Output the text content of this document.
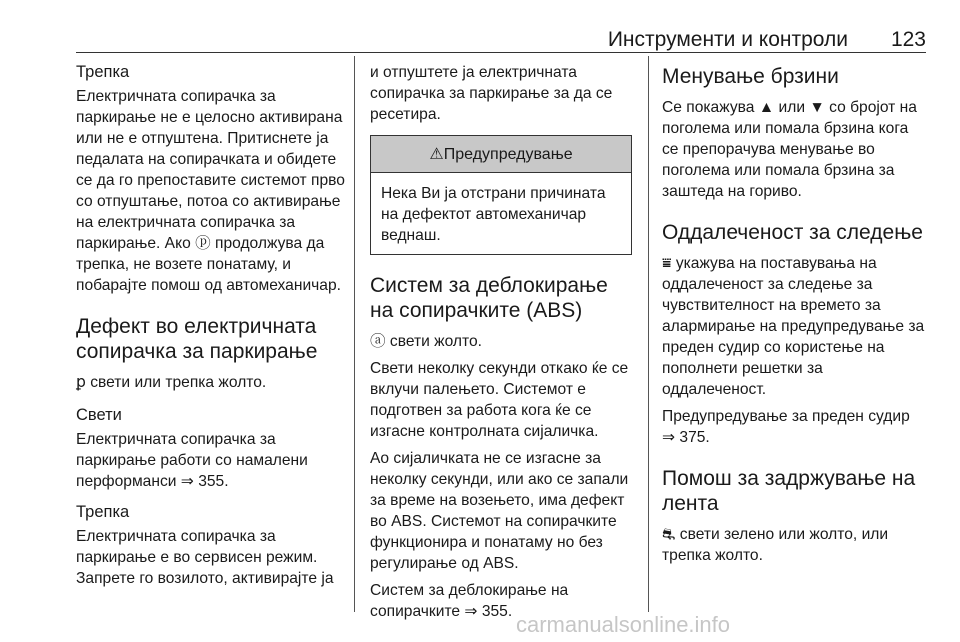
Инструменти и контроли 123
Трепка

Електричната сопирачка за паркирање не е целосно активирана или не е отпуштена. Притиснете ја педалата на сопирачката и обидете се да го препоставите системот прво со отпуштање, потоа со активирање на електричната сопирачка за паркирање. Ако ⓟ продолжува да трепка, не возете понатаму, и побарајте помош од автомеханичар.

Дефект во електричната сопирачка за паркирање

ꝑ свети или трепка жолто.

Свети

Електричната сопирачка за паркирање работи со намалени перформанси ⇒ 355.

Трепка

Електричната сопирачка за паркирање е во сервисен режим. Запрете го возилото, активирајте ја

и отпуштете ја електричната сопирачка за паркирање за да се ресетира.

⚠Предупредување
Нека Ви ја отстрани причината на дефектот автомеханичар веднаш.
Систем за деблокирање на сопирачките (ABS)

ⓐ свети жолто.

Свети неколку секунди откако ќе се вклучи палењето. Системот е подготвен за работа кога ќе се изгасне контролната сијаличка.

Ао сијаличката не се изгасне за неколку секунди, или ако се запали за време на возењето, има дефект во ABS. Системот на сопирачките функционира и понатаму но без регулирање од ABS.

Систем за деблокирање на сопирачките ⇒ 355.

Менување брзини

Се покажува ▲ или ▼ со бројот на поголема или помала брзина кога се препорачува менување во поголема или помала брзина за заштеда на гориво.

Оддалеченост за следење

⩸ укажува на поставувања на оддалеченост за следење за чувствителност на времето за алармирање на предупредување за преден судир со користење на пополнети решетки за оддалеченост.

Предупредување за преден судир ⇒ 375.

Помош за задржување на лента

⛐ свети зелено или жолто, или трепка жолто.

carmanualsonline.info
